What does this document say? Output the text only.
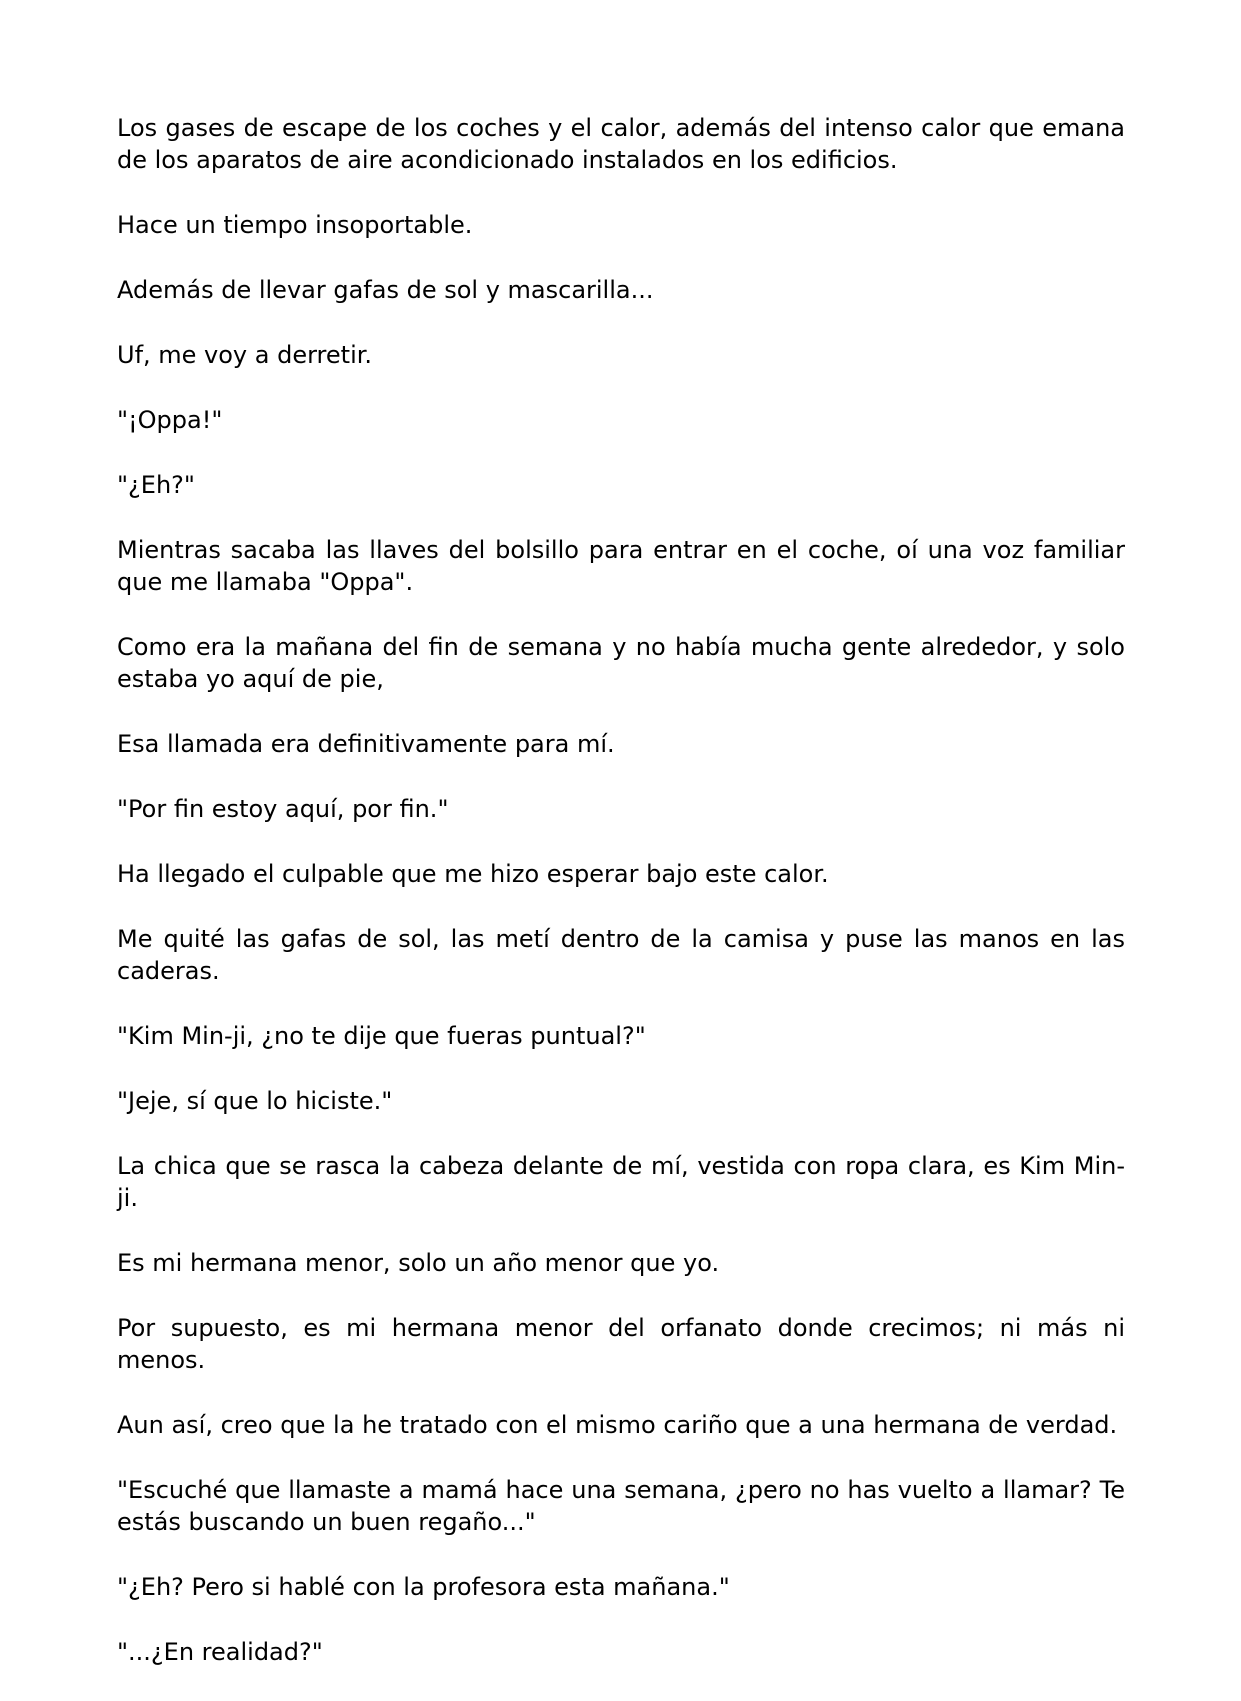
Los gases de escape de los coches y el calor, además del intenso calor que emana de los aparatos de aire acondicionado instalados en los edificios.

Hace un tiempo insoportable.

Además de llevar gafas de sol y mascarilla...

Uf, me voy a derretir.

"¡Oppa!"

"¿Eh?"

Mientras sacaba las llaves del bolsillo para entrar en el coche, oí una voz familiar que me llamaba "Oppa".

Como era la mañana del fin de semana y no había mucha gente alrededor, y solo estaba yo aquí de pie,

Esa llamada era definitivamente para mí.

"Por fin estoy aquí, por fin."

Ha llegado el culpable que me hizo esperar bajo este calor.

Me quité las gafas de sol, las metí dentro de la camisa y puse las manos en las caderas.

"Kim Min-ji, ¿no te dije que fueras puntual?"

"Jeje, sí que lo hiciste."

La chica que se rasca la cabeza delante de mí, vestida con ropa clara, es Kim Min-ji.

Es mi hermana menor, solo un año menor que yo.

Por supuesto, es mi hermana menor del orfanato donde crecimos; ni más ni menos.

Aun así, creo que la he tratado con el mismo cariño que a una hermana de verdad.

"Escuché que llamaste a mamá hace una semana, ¿pero no has vuelto a llamar? Te estás buscando un buen regaño..."

"¿Eh? Pero si hablé con la profesora esta mañana."

"...¿En realidad?"
